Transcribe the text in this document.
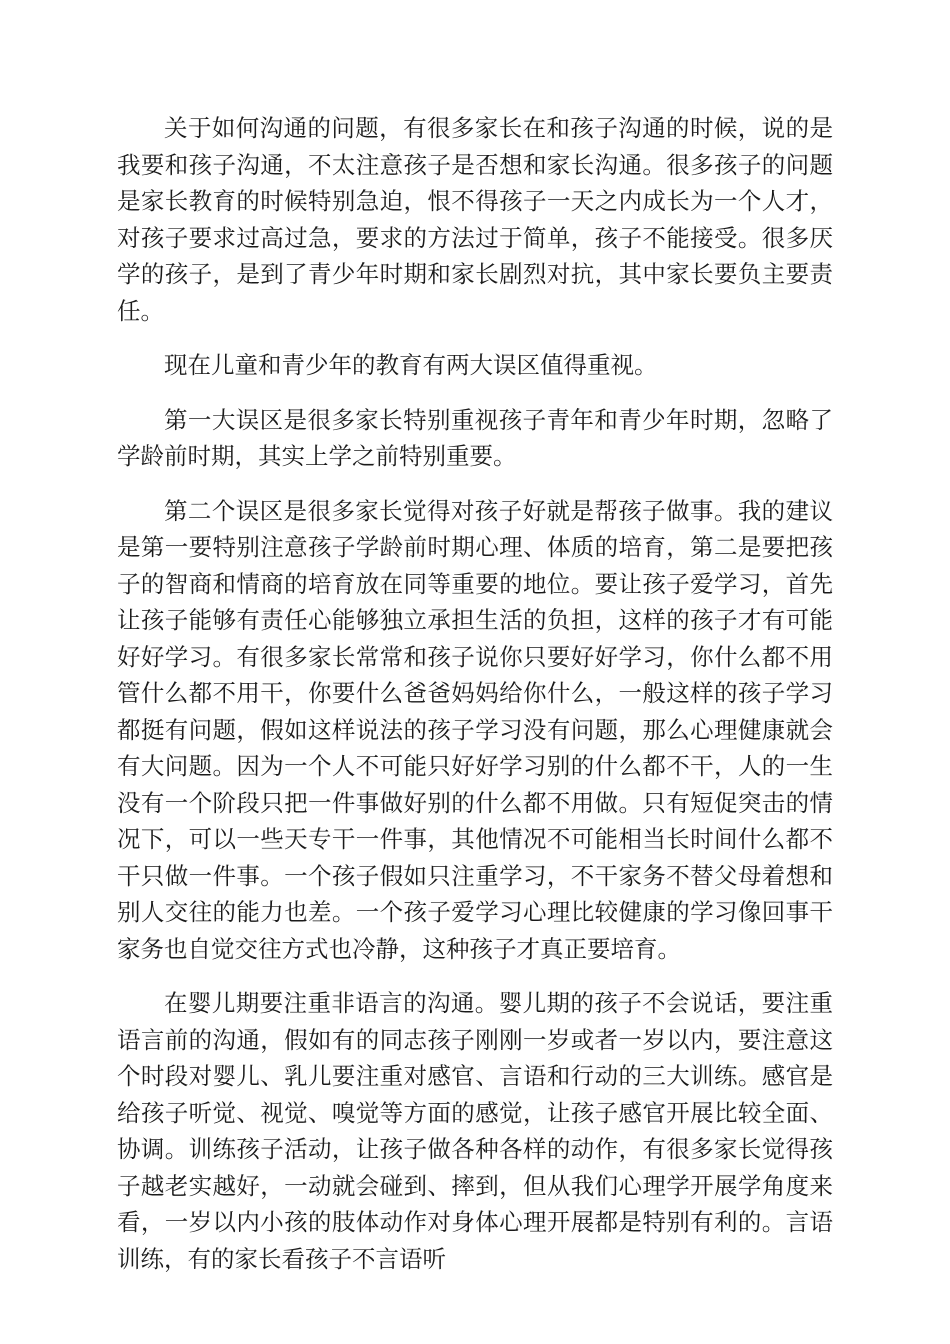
关于如何沟通的问题，有很多家长在和孩子沟通的时候，说的是我要和孩子沟通，不太注意孩子是否想和家长沟通。很多孩子的问题是家长教育的时候特别急迫，恨不得孩子一天之内成长为一个人才，对孩子要求过高过急，要求的方法过于简单，孩子不能接受。很多厌学的孩子，是到了青少年时期和家长剧烈对抗，其中家长要负主要责任。

现在儿童和青少年的教育有两大误区值得重视。

第一大误区是很多家长特别重视孩子青年和青少年时期，忽略了学龄前时期，其实上学之前特别重要。

第二个误区是很多家长觉得对孩子好就是帮孩子做事。我的建议是第一要特别注意孩子学龄前时期心理、体质的培育，第二是要把孩子的智商和情商的培育放在同等重要的地位。要让孩子爱学习，首先让孩子能够有责任心能够独立承担生活的负担，这样的孩子才有可能好好学习。有很多家长常常和孩子说你只要好好学习，你什么都不用管什么都不用干，你要什么爸爸妈妈给你什么，一般这样的孩子学习都挺有问题，假如这样说法的孩子学习没有问题，那么心理健康就会有大问题。因为一个人不可能只好好学习别的什么都不干，人的一生没有一个阶段只把一件事做好别的什么都不用做。只有短促突击的情况下，可以一些天专干一件事，其他情况不可能相当长时间什么都不干只做一件事。一个孩子假如只注重学习，不干家务不替父母着想和别人交往的能力也差。一个孩子爱学习心理比较健康的学习像回事干家务也自觉交往方式也冷静，这种孩子才真正要培育。

在婴儿期要注重非语言的沟通。婴儿期的孩子不会说话，要注重语言前的沟通，假如有的同志孩子刚刚一岁或者一岁以内，要注意这个时段对婴儿、乳儿要注重对感官、言语和行动的三大训练。感官是给孩子听觉、视觉、嗅觉等方面的感觉，让孩子感官开展比较全面、协调。训练孩子活动，让孩子做各种各样的动作，有很多家长觉得孩子越老实越好，一动就会碰到、摔到，但从我们心理学开展学角度来看，一岁以内小孩的肢体动作对身体心理开展都是特别有利的。言语训练，有的家长看孩子不言语听
